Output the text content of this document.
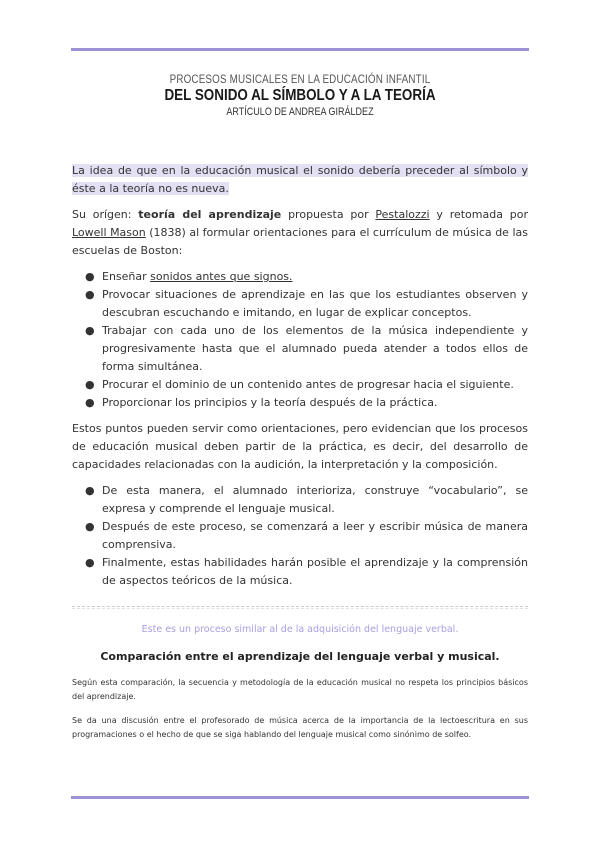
PROCESOS MUSICALES EN LA EDUCACIÓN INFANTIL
DEL SONIDO AL SÍMBOLO Y A LA TEORÍA
ARTÍCULO DE ANDREA GIRÁLDEZ

La idea de que en la educación musical el sonido debería preceder al símbolo y éste a la teoría no es nueva.

Su orígen: teoría del aprendizaje propuesta por Pestalozzi y retomada por Lowell Mason (1838) al formular orientaciones para el currículum de música de las escuelas de Boston:

● Enseñar sonidos antes que signos.
● Provocar situaciones de aprendizaje en las que los estudiantes observen y descubran escuchando e imitando, en lugar de explicar conceptos.
● Trabajar con cada uno de los elementos de la música independiente y progresivamente hasta que el alumnado pueda atender a todos ellos de forma simultánea.
● Procurar el dominio de un contenido antes de progresar hacia el siguiente.
● Proporcionar los principios y la teoría después de la práctica.

Estos puntos pueden servir como orientaciones, pero evidencian que los procesos de educación musical deben partir de la práctica, es decir, del desarrollo de capacidades relacionadas con la audición, la interpretación y la composición.

● De esta manera, el alumnado interioriza, construye “vocabulario”, se expresa y comprende el lenguaje musical.
● Después de este proceso, se comenzará a leer y escribir música de manera comprensiva.
● Finalmente, estas habilidades harán posible el aprendizaje y la comprensión de aspectos teóricos de la música.
Este es un proceso similar al de la adquisición del lenguaje verbal.
Comparación entre el aprendizaje del lenguaje verbal y musical.
Según esta comparación, la secuencia y metodología de la educación musical no respeta los principios básicos del aprendizaje.
Se da una discusión entre el profesorado de música acerca de la importancia de la lectoescritura en sus programaciones o el hecho de que se siga hablando del lenguaje musical como sinónimo de solfeo.
